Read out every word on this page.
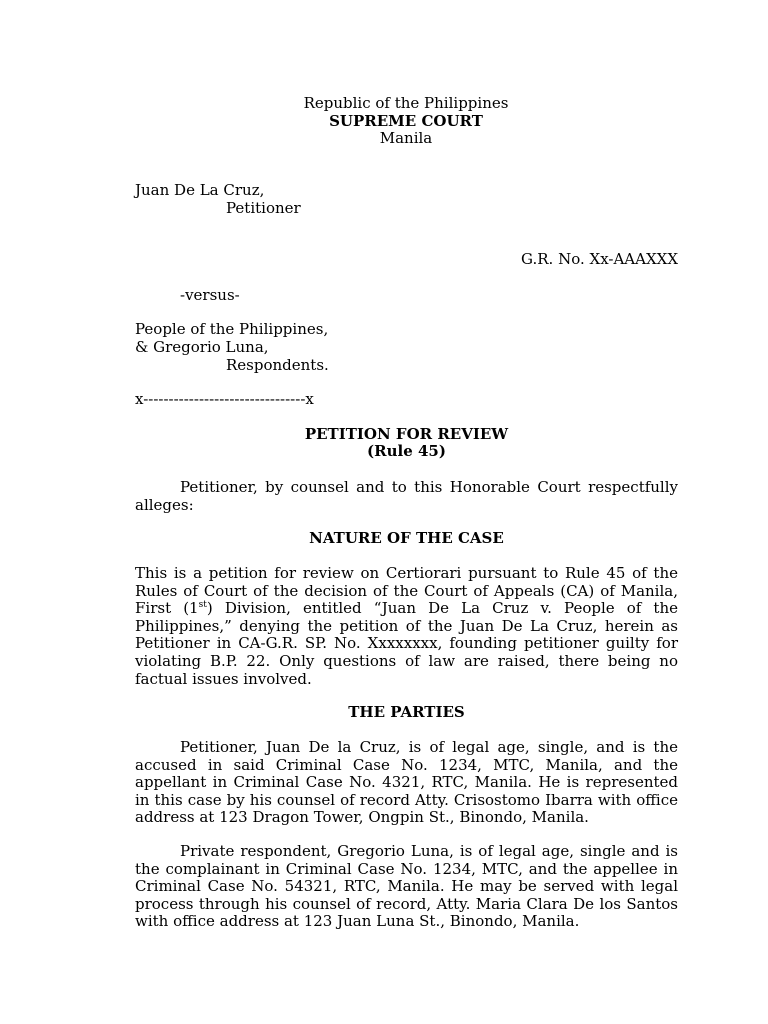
Republic of the Philippines
SUPREME COURT
Manila
Juan De La Cruz,
Petitioner
G.R. No. Xx-AAAXXX
-versus-
People of the Philippines,
& Gregorio Luna,
Respondents.
x--------------------------------x
PETITION FOR REVIEW
(Rule 45)
Petitioner, by counsel and to this Honorable Court respectfully alleges:
NATURE OF THE CASE
This is a petition for review on Certiorari pursuant to Rule 45 of the Rules of Court of the decision of the Court of Appeals (CA) of Manila, First (1st) Division, entitled “Juan De La Cruz v. People of the Philippines,” denying the petition of the Juan De La Cruz, herein as Petitioner in CA-G.R. SP. No. Xxxxxxxx, founding petitioner guilty for violating B.P. 22. Only questions of law are raised, there being no factual issues involved.
THE PARTIES
Petitioner, Juan De la Cruz, is of legal age, single, and is the accused in said Criminal Case No. 1234, MTC, Manila, and the appellant in Criminal Case No. 4321, RTC, Manila. He is represented in this case by his counsel of record Atty. Crisostomo Ibarra with office address at 123 Dragon Tower, Ongpin St., Binondo, Manila.
Private respondent, Gregorio Luna, is of legal age, single and is the complainant in Criminal Case No. 1234, MTC, and the appellee in Criminal Case No. 54321, RTC, Manila. He may be served with legal process through his counsel of record, Atty. Maria Clara De los Santos with office address at 123 Juan Luna St., Binondo, Manila.
